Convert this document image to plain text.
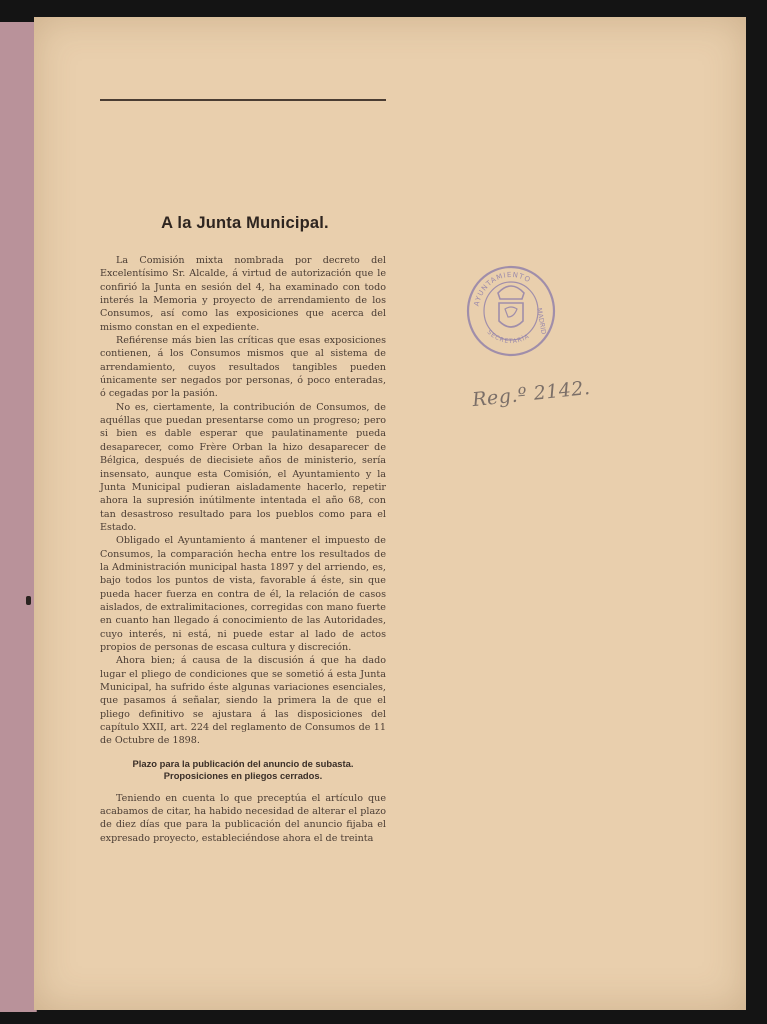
A la Junta Municipal.

La Comisión mixta nombrada por decreto del Excelentísimo Sr. Alcalde, á virtud de autorización que le confirió la Junta en sesión del 4, ha examinado con todo interés la Memoria y proyecto de arrendamiento de los Consumos, así como las exposiciones que acerca del mismo constan en el expediente.

Refiérense más bien las críticas que esas exposiciones contienen, á los Consumos mismos que al sistema de arrendamiento, cuyos resultados tangibles pueden únicamente ser negados por personas, ó poco enteradas, ó cegadas por la pasión.

No es, ciertamente, la contribución de Consumos, de aquéllas que puedan presentarse como un progreso; pero si bien es dable esperar que paulatinamente pueda desaparecer, como Frère Orban la hizo desaparecer de Bélgica, después de diecisiete años de ministerio, sería insensato, aunque esta Comisión, el Ayuntamiento y la Junta Municipal pudieran aisladamente hacerlo, repetir ahora la supresión inútilmente intentada el año 68, con tan desastroso resultado para los pueblos como para el Estado.

Obligado el Ayuntamiento á mantener el impuesto de Consumos, la comparación hecha entre los resultados de la Administración municipal hasta 1897 y del arriendo, es, bajo todos los puntos de vista, favorable á éste, sin que pueda hacer fuerza en contra de él, la relación de casos aislados, de extralimitaciones, corregidas con mano fuerte en cuanto han llegado á conocimiento de las Autoridades, cuyo interés, ni está, ni puede estar al lado de actos propios de personas de escasa cultura y discreción.

Ahora bien; á causa de la discusión á que ha dado lugar el pliego de condiciones que se sometió á esta Junta Municipal, ha sufrido éste algunas variaciones esenciales, que pasamos á señalar, siendo la primera la de que el pliego definitivo se ajustara á las disposiciones del capítulo XXII, art. 224 del reglamento de Consumos de 11 de Octubre de 1898.

Plazo para la publicación del anuncio de subasta.
Proposiciones en pliegos cerrados.

Teniendo en cuenta lo que preceptúa el artículo que acabamos de citar, ha habido necesidad de alterar el plazo de diez días que para la publicación del anuncio fijaba el expresado proyecto, estableciéndose ahora el de treinta

AYUNTAMIENTO
SECRETARÍA
MADRID
Reg.º 2142.
